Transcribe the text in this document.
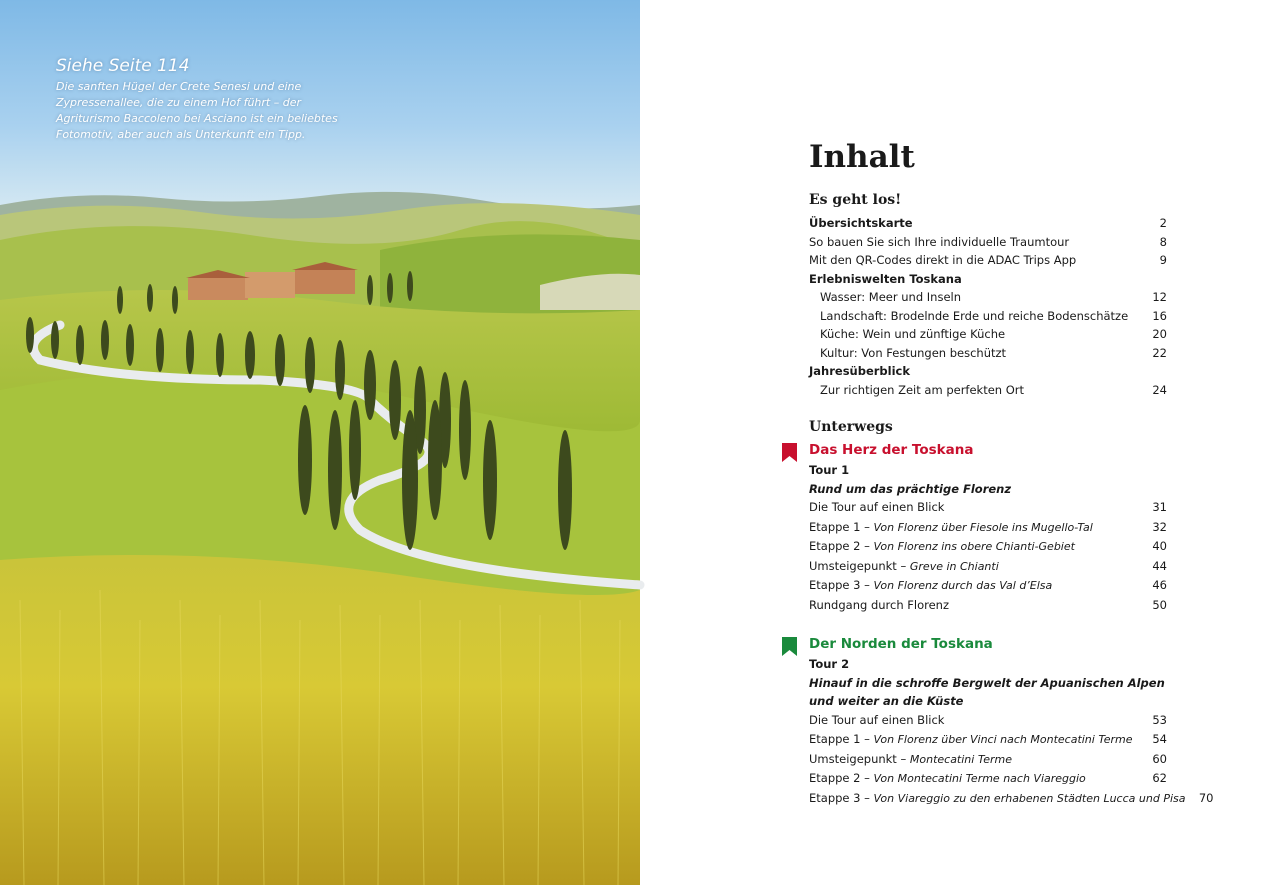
Siehe Seite 114
Die sanften Hügel der Crete Senesi und eine Zypressenallee, die zu einem Hof führt – der Agriturismo Baccoleno bei Asciano ist ein beliebtes Fotomotiv, aber auch als Unterkunft ein Tipp.
Inhalt
Es geht los!
Übersichtskarte	2
So bauen Sie sich Ihre individuelle Traumtour	8
Mit den QR-Codes direkt in die ADAC Trips App	9
Erlebniswelten Toskana
Wasser: Meer und Inseln	12
Landschaft: Brodelnde Erde und reiche Bodenschätze	16
Küche: Wein und zünftige Küche	20
Kultur: Von Festungen beschützt	22
Jahresüberblick
Zur richtigen Zeit am perfekten Ort	24
Unterwegs
Das Herz der Toskana
Tour 1
Rund um das prächtige Florenz
Die Tour auf einen Blick	31
Etappe 1 – Von Florenz über Fiesole ins Mugello-Tal	32
Etappe 2 – Von Florenz ins obere Chianti-Gebiet	40
Umsteigepunkt – Greve in Chianti	44
Etappe 3 – Von Florenz durch das Val d’Elsa	46
Rundgang durch Florenz	50
Der Norden der Toskana
Tour 2
Hinauf in die schroffe Bergwelt der Apuanischen Alpen
und weiter an die Küste
Die Tour auf einen Blick	53
Etappe 1 – Von Florenz über Vinci nach Montecatini Terme	54
Umsteigepunkt – Montecatini Terme	60
Etappe 2 – Von Montecatini Terme nach Viareggio	62
Etappe 3 – Von Viareggio zu den erhabenen Städten Lucca und Pisa	70
